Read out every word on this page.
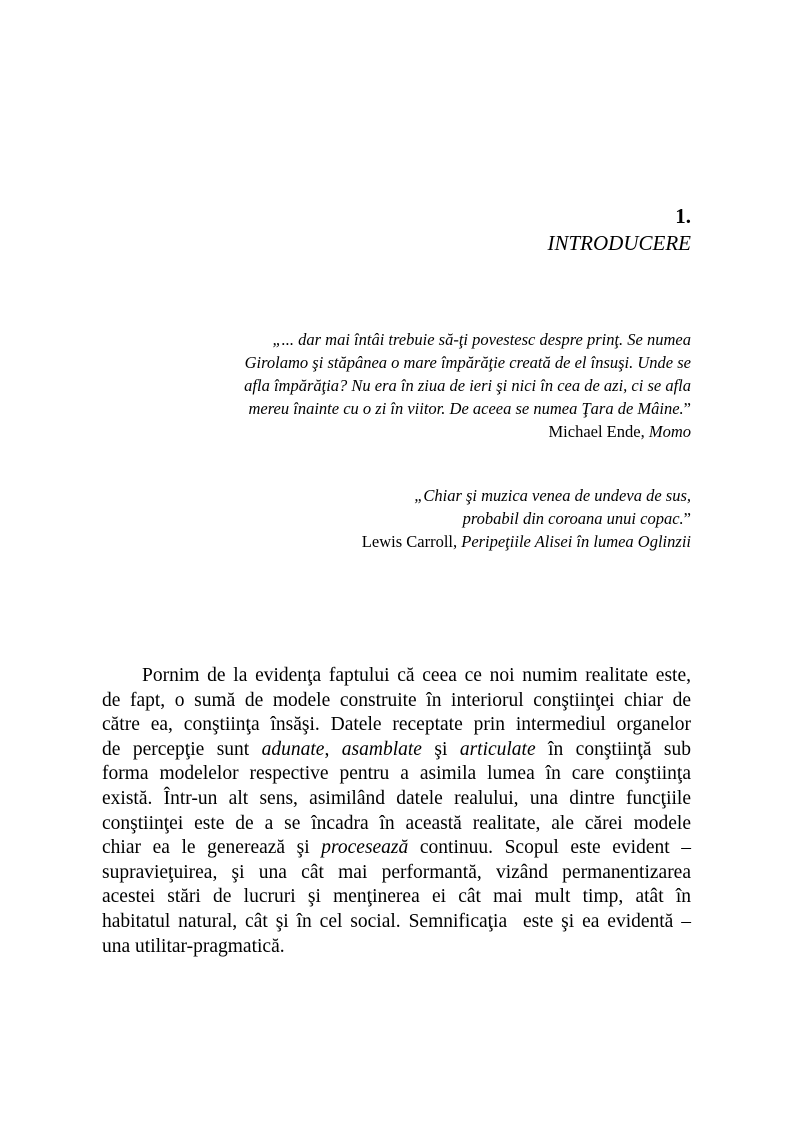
1.
INTRODUCERE
„... dar mai întâi trebuie să-ţi povestesc despre prinţ. Se numea
Girolamo şi stăpânea o mare împărăţie creată de el însuşi. Unde se
afla împărăţia? Nu era în ziua de ieri şi nici în cea de azi, ci se afla
mereu înainte cu o zi în viitor. De aceea se numea Ţara de Mâine.”
Michael Ende, Momo
„Chiar şi muzica venea de undeva de sus,
probabil din coroana unui copac.”
Lewis Carroll, Peripeţiile Alisei în lumea Oglinzii
Pornim de la evidenţa faptului că ceea ce noi numim realitate este,
de fapt, o sumă de modele construite în interiorul conştiinţei chiar de
către ea, conştiinţa însăşi. Datele receptate prin intermediul organelor
de percepţie sunt adunate, asamblate şi articulate în conştiinţă sub
forma modelelor respective pentru a asimila lumea în care conştiinţa
există. Într-un alt sens, asimilând datele realului, una dintre funcţiile
conştiinţei este de a se încadra în această realitate, ale cărei modele
chiar ea le generează şi procesează continuu. Scopul este evident –
supravieţuirea, şi una cât mai performantă, vizând permanentizarea
acestei stări de lucruri şi menţinerea ei cât mai mult timp, atât în
habitatul natural, cât şi în cel social. Semnificaţia  este şi ea evidentă –
una utilitar-pragmatică.
